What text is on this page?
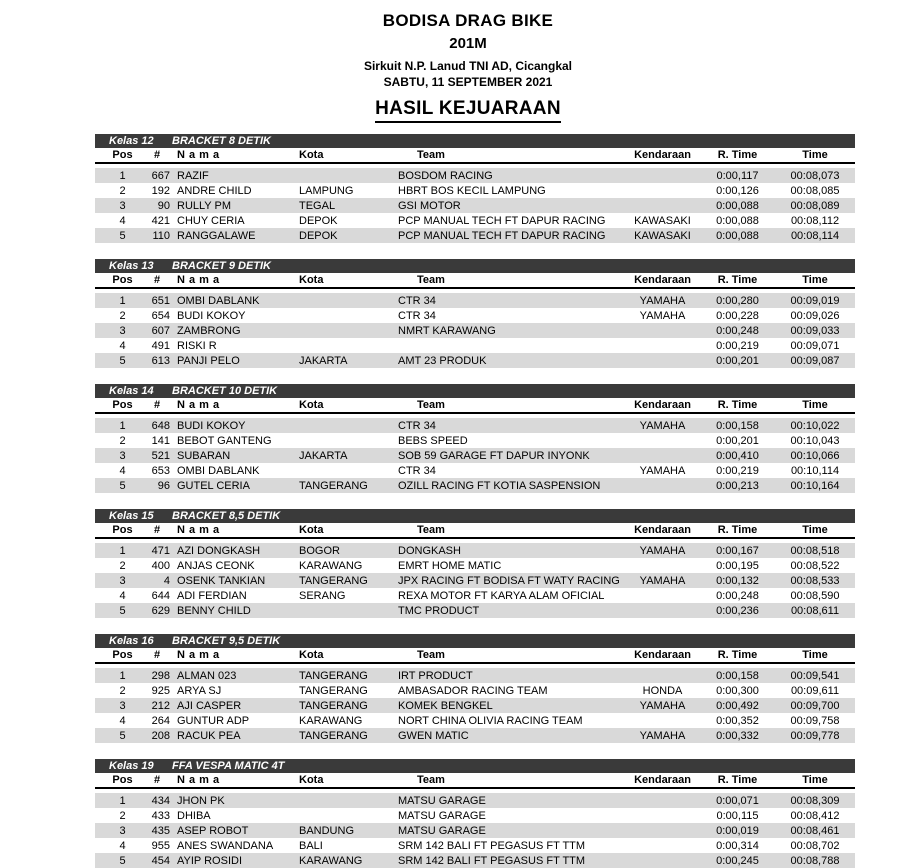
BODISA DRAG BIKE
201M
Sirkuit N.P. Lanud TNI AD, Cicangkal
SABTU, 11 SEPTEMBER 2021
HASIL KEJUARAAN
Kelas 12	BRACKET 8 DETIK
Pos	#	N a m a	Kota	Team	Kendaraan	R. Time	Time

1	667	RAZIF		BOSDOM RACING		0:00,117	00:08,073
2	192	ANDRE CHILD	LAMPUNG	HBRT BOS KECIL LAMPUNG		0:00,126	00:08,085
3	90	RULLY PM	TEGAL	GSI MOTOR		0:00,088	00:08,089
4	421	CHUY CERIA	DEPOK	PCP MANUAL TECH FT DAPUR RACING	KAWASAKI	0:00,088	00:08,112
5	110	RANGGALAWE	DEPOK	PCP MANUAL TECH FT DAPUR RACING	KAWASAKI	0:00,088	00:08,114
Kelas 13	BRACKET 9 DETIK
Pos	#	N a m a	Kota	Team	Kendaraan	R. Time	Time

1	651	OMBI DABLANK		CTR 34	YAMAHA	0:00,280	00:09,019
2	654	BUDI KOKOY		CTR 34	YAMAHA	0:00,228	00:09,026
3	607	ZAMBRONG		NMRT KARAWANG		0:00,248	00:09,033
4	491	RISKI R				0:00,219	00:09,071
5	613	PANJI PELO	JAKARTA	AMT 23 PRODUK		0:00,201	00:09,087
Kelas 14	BRACKET 10 DETIK
Pos	#	N a m a	Kota	Team	Kendaraan	R. Time	Time

1	648	BUDI KOKOY		CTR 34	YAMAHA	0:00,158	00:10,022
2	141	BEBOT GANTENG		BEBS SPEED		0:00,201	00:10,043
3	521	SUBARAN	JAKARTA	SOB 59 GARAGE FT DAPUR INYONK		0:00,410	00:10,066
4	653	OMBI DABLANK		CTR 34	YAMAHA	0:00,219	00:10,114
5	96	GUTEL CERIA	TANGERANG	OZILL RACING FT KOTIA SASPENSION		0:00,213	00:10,164
Kelas 15	BRACKET 8,5 DETIK
Pos	#	N a m a	Kota	Team	Kendaraan	R. Time	Time

1	471	AZI DONGKASH	BOGOR	DONGKASH	YAMAHA	0:00,167	00:08,518
2	400	ANJAS CEONK	KARAWANG	EMRT HOME MATIC		0:00,195	00:08,522
3	4	OSENK TANKIAN	TANGERANG	JPX RACING FT BODISA FT WATY RACING	YAMAHA	0:00,132	00:08,533
4	644	ADI FERDIAN	SERANG	REXA MOTOR FT KARYA ALAM OFICIAL		0:00,248	00:08,590
5	629	BENNY CHILD		TMC PRODUCT		0:00,236	00:08,611
Kelas 16	BRACKET 9,5 DETIK
Pos	#	N a m a	Kota	Team	Kendaraan	R. Time	Time

1	298	ALMAN 023	TANGERANG	IRT PRODUCT		0:00,158	00:09,541
2	925	ARYA SJ	TANGERANG	AMBASADOR RACING TEAM	HONDA	0:00,300	00:09,611
3	212	AJI CASPER	TANGERANG	KOMEK BENGKEL	YAMAHA	0:00,492	00:09,700
4	264	GUNTUR ADP	KARAWANG	NORT CHINA OLIVIA RACING TEAM		0:00,352	00:09,758
5	208	RACUK PEA	TANGERANG	GWEN MATIC	YAMAHA	0:00,332	00:09,778
Kelas 19	FFA VESPA MATIC 4T
Pos	#	N a m a	Kota	Team	Kendaraan	R. Time	Time

1	434	JHON PK		MATSU GARAGE		0:00,071	00:08,309
2	433	DHIBA		MATSU GARAGE		0:00,115	00:08,412
3	435	ASEP ROBOT	BANDUNG	MATSU GARAGE		0:00,019	00:08,461
4	955	ANES SWANDANA	BALI	SRM 142 BALI FT PEGASUS FT TTM		0:00,314	00:08,702
5	454	AYIP ROSIDI	KARAWANG	SRM 142 BALI FT PEGASUS FT TTM		0:00,245	00:08,788
